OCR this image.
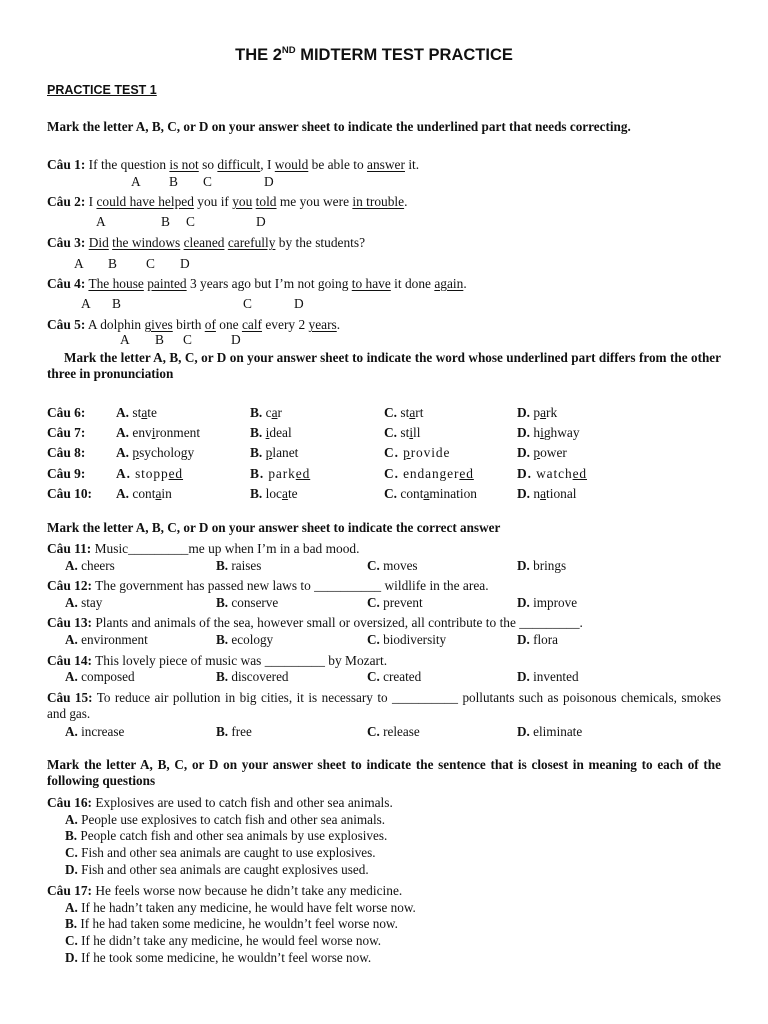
THE 2ND MIDTERM TEST PRACTICE
PRACTICE TEST 1
Mark the letter A, B, C, or D on your answer sheet to indicate the underlined part that needs correcting.
Câu 1: If the question is not so difficult, I would be able to answer it.
A B C	D
Câu 2: I could have helped you if you told me you were in trouble.
A	B C	D
Câu 3: Did the windows cleaned carefully by the students?
A B C D
Câu 4: The house painted 3 years ago but I’m not going to have it done again.
A B	C	D
Câu 5: A dolphin gives birth of one calf every 2 years.
A B C	D
Mark the letter A, B, C, or D on your answer sheet to indicate the word whose underlined part differs from the other three in pronunciation
Câu 6: A. state	B. car	C. start	D. park
Câu 7: A. environment	B. ideal	C. still	D. highway
Câu 8: A. psychology	B. planet	C. provide	D. power
Câu 9: A. stopped	B. parked	C. endangered	D. watched
Câu 10: A. contain	B. locate	C. contamination	D. national
Mark the letter A, B, C, or D on your answer sheet to indicate the correct answer
Câu 11: Music_________me up when I’m in a bad mood.
A. cheers	B. raises	C. moves	D. brings
Câu 12: The government has passed new laws to __________ wildlife in the area.
A. stay	B. conserve	C. prevent	D. improve
Câu 13: Plants and animals of the sea, however small or oversized, all contribute to the _________.
A. environment	B. ecology	C. biodiversity	D. flora
Câu 14: This lovely piece of music was _________ by Mozart.
A. composed	B. discovered	C. created	D. invented
Câu 15: To reduce air pollution in big cities, it is necessary to __________ pollutants such as poisonous chemicals, smokes and gas.
A. increase	B. free	C. release	D. eliminate
Mark the letter A, B, C, or D on your answer sheet to indicate the sentence that is closest in meaning to each of the following questions
Câu 16: Explosives are used to catch fish and other sea animals.
A. People use explosives to catch fish and other sea animals.
B. People catch fish and other sea animals by use explosives.
C. Fish and other sea animals are caught to use explosives.
D. Fish and other sea animals are caught explosives used.
Câu 17: He feels worse now because he didn’t take any medicine.
A. If he hadn’t taken any medicine, he would have felt worse now.
B. If he had taken some medicine, he wouldn’t feel worse now.
C. If he didn’t take any medicine, he would feel worse now.
D. If he took some medicine, he wouldn’t feel worse now.
